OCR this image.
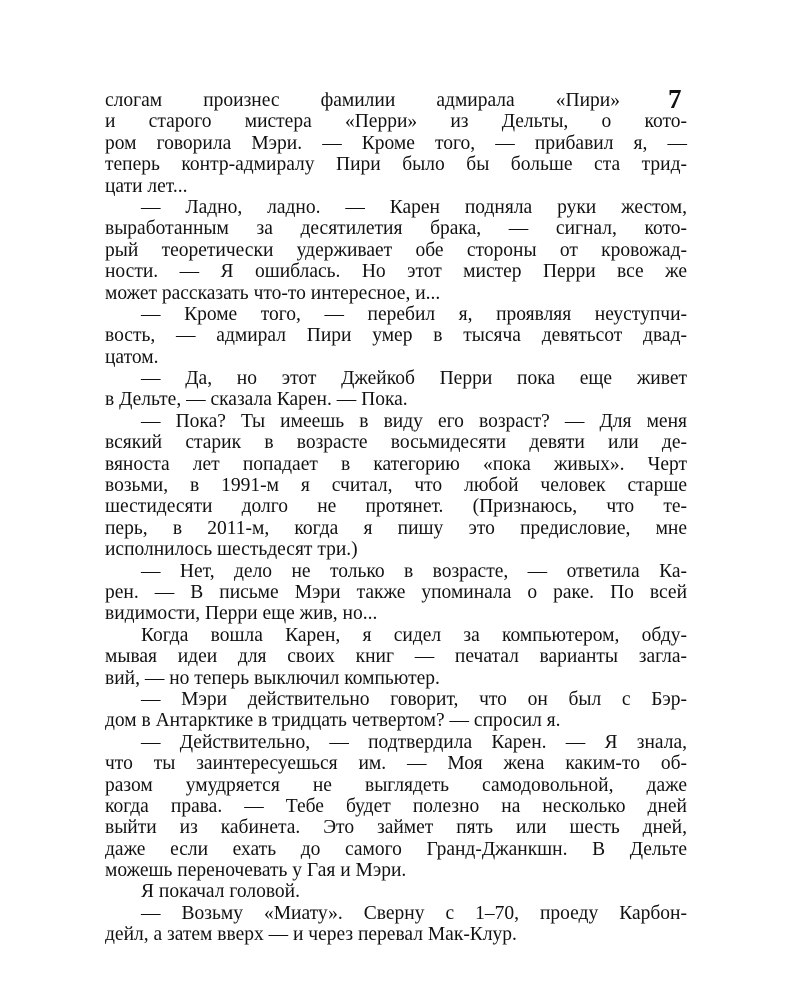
7
слогам произнес фамилии адмирала «Пири»
и старого мистера «Перри» из Дельты, о кото-
ром говорила Мэри. — Кроме того, — прибавил я, —
теперь контр-адмиралу Пири было бы больше ста трид-
цати лет...
— Ладно, ладно. — Карен подняла руки жестом,
выработанным за десятилетия брака, — сигнал, кото-
рый теоретически удерживает обе стороны от кровожад-
ности. — Я ошиблась. Но этот мистер Перри все же
может рассказать что-то интересное, и...
— Кроме того, — перебил я, проявляя неуступчи-
вость, — адмирал Пири умер в тысяча девятьсот двад-
цатом.
— Да, но этот Джейкоб Перри пока еще живет
в Дельте, — сказала Карен. — Пока.
— Пока? Ты имеешь в виду его возраст? — Для меня
всякий старик в возрасте восьмидесяти девяти или де-
вяноста лет попадает в категорию «пока живых». Черт
возьми, в 1991-м я считал, что любой человек старше
шестидесяти долго не протянет. (Признаюсь, что те-
перь, в 2011-м, когда я пишу это предисловие, мне
исполнилось шестьдесят три.)
— Нет, дело не только в возрасте, — ответила Ка-
рен. — В письме Мэри также упоминала о раке. По всей
видимости, Перри еще жив, но...
Когда вошла Карен, я сидел за компьютером, обду-
мывая идеи для своих книг — печатал варианты загла-
вий, — но теперь выключил компьютер.
— Мэри действительно говорит, что он был с Бэр-
дом в Антарктике в тридцать четвертом? — спросил я.
— Действительно, — подтвердила Карен. — Я знала,
что ты заинтересуешься им. — Моя жена каким-то об-
разом умудряется не выглядеть самодовольной, даже
когда права. — Тебе будет полезно на несколько дней
выйти из кабинета. Это займет пять или шесть дней,
даже если ехать до самого Гранд-Джанкшн. В Дельте
можешь переночевать у Гая и Мэри.
Я покачал головой.
— Возьму «Миату». Сверну с 1–70, проеду Карбон-
дейл, а затем вверх — и через перевал Мак-Клур.
